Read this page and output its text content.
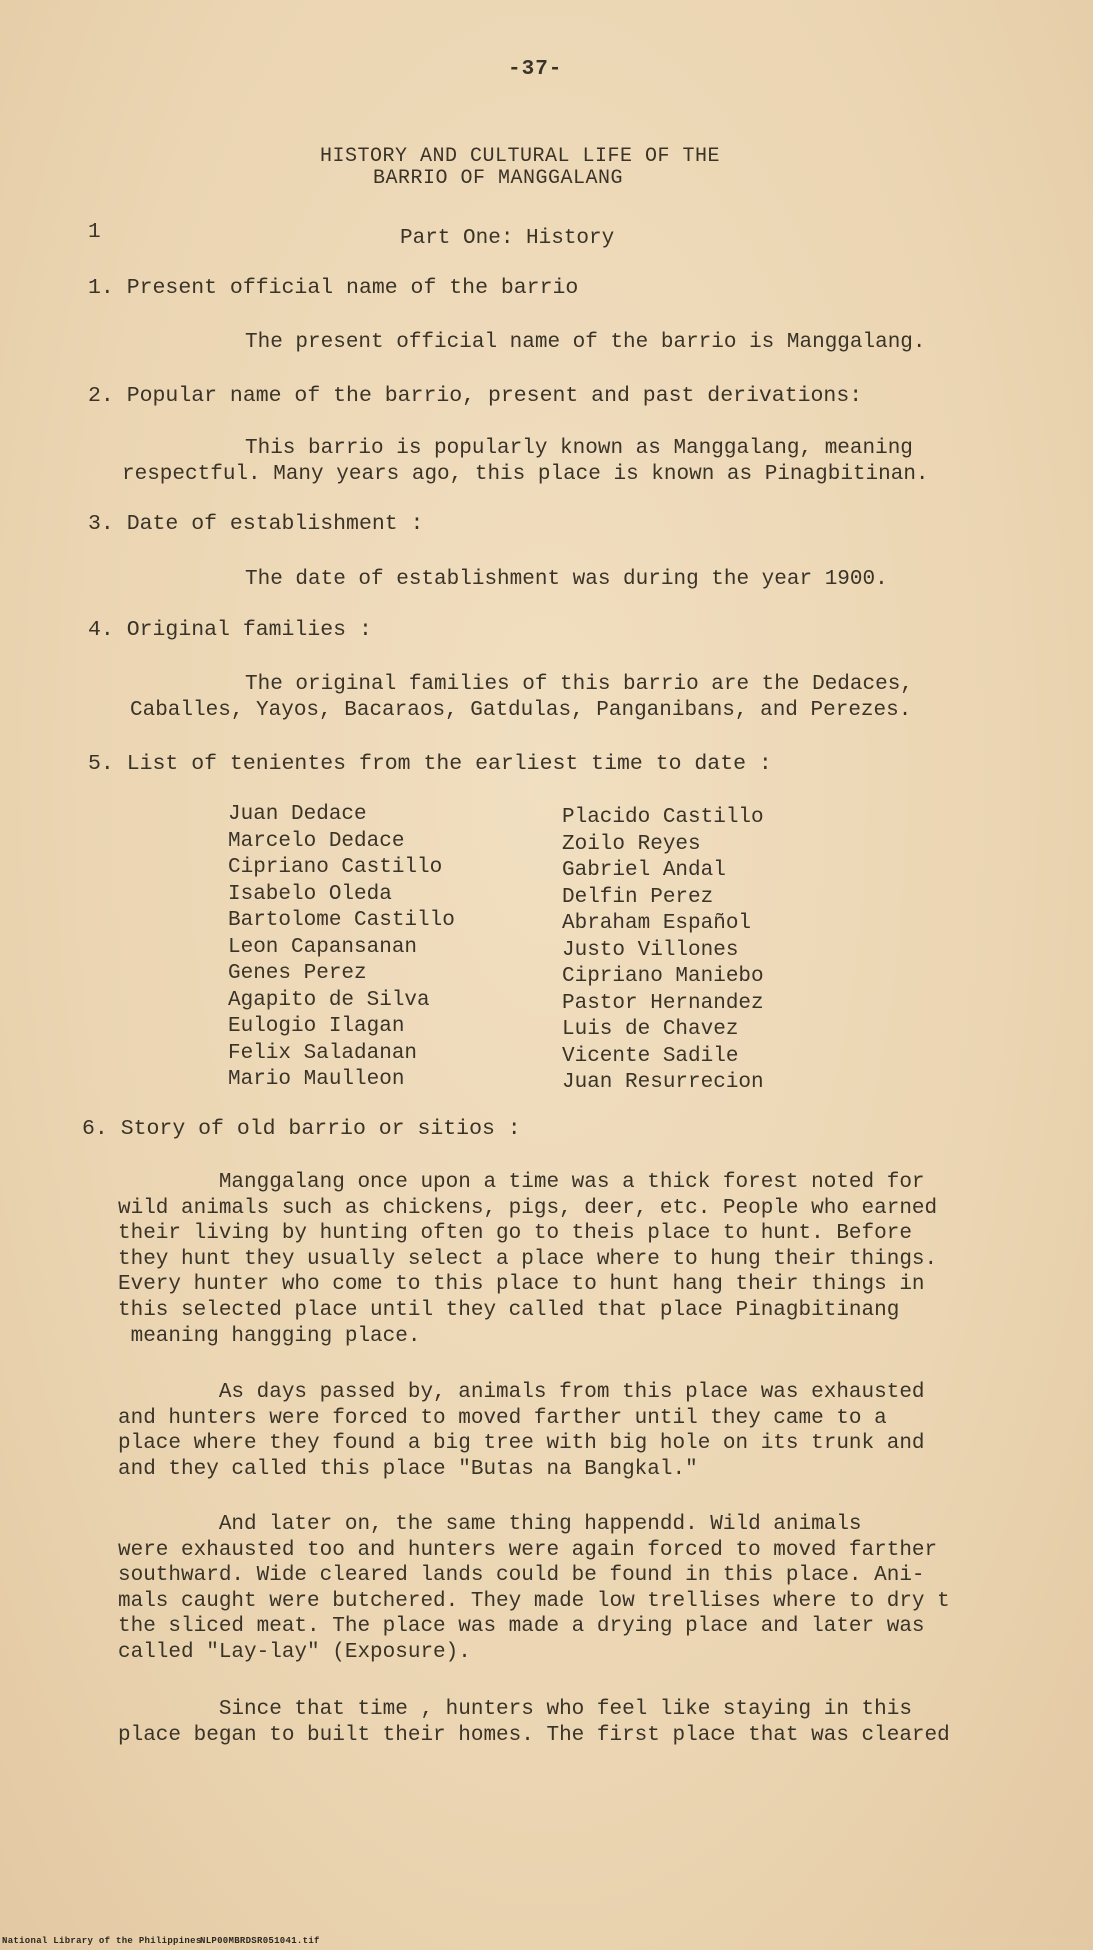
-37-
HISTORY AND CULTURAL LIFE OF THE
BARRIO OF MANGGALANG
1	Part One: History
1. Present official name of the barrio
The present official name of the barrio is Manggalang.
2. Popular name of the barrio, present and past derivations:
This barrio is popularly known as Manggalang, meaning
respectful. Many years ago, this place is known as Pinagbitinan.
3. Date of establishment :
The date of establishment was during the year 1900.
4. Original families :
The original families of this barrio are the Dedaces,
Caballes, Yayos, Bacaraos, Gatdulas, Panganibans, and Perezes.
5. List of tenientes from the earliest time to date :
Juan Dedace
Marcelo Dedace
Cipriano Castillo
Isabelo Oleda
Bartolome Castillo
Leon Capansanan
Genes Perez
Agapito de Silva
Eulogio Ilagan
Felix Saladanan
Mario Maulleon
Placido Castillo
Zoilo Reyes
Gabriel Andal
Delfin Perez
Abraham Español
Justo Villones
Cipriano Maniebo
Pastor Hernandez
Luis de Chavez
Vicente Sadile
Juan Resurrecion
6. Story of old barrio or sitios :
Manggalang once upon a time was a thick forest noted for
wild animals such as chickens, pigs, deer, etc. People who earned
their living by hunting often go to theis place to hunt. Before
they hunt they usually select a place where to hung their things.
Every hunter who come to this place to hunt hang their things in
this selected place until they called that place Pinagbitinang
meaning hangging place.
As days passed by, animals from this place was exhausted
and hunters were forced to moved farther until they came to a
place where they found a big tree with big hole on its trunk and
and they called this place "Butas na Bangkal."
And later on, the same thing happendd. Wild animals
were exhausted too and hunters were again forced to moved farther
southward. Wide cleared lands could be found in this place. Ani-
mals caught were butchered. They made low trellises where to dry t
the sliced meat. The place was made a drying place and later was
called "Lay-lay" (Exposure).
Since that time , hunters who feel like staying in this
place began to built their homes. The first place that was cleared
National Library of the Philippines
NLP00MBRDSR051041.tif
